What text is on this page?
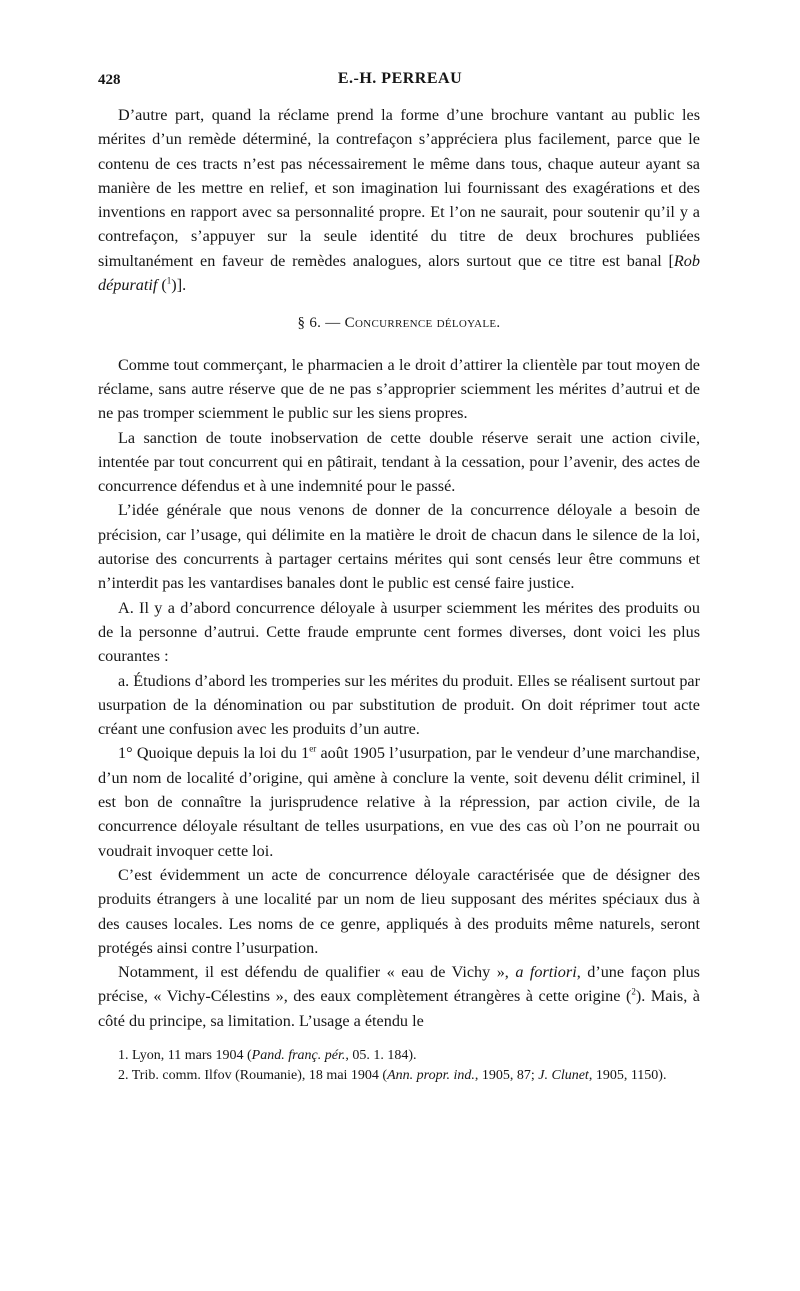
428	E.-H. PERREAU

D’autre part, quand la réclame prend la forme d’une brochure vantant au public les mérites d’un remède déterminé, la contrefaçon s’appréciera plus facilement, parce que le contenu de ces tracts n’est pas nécessairement le même dans tous, chaque auteur ayant sa manière de les mettre en relief, et son imagination lui fournissant des exagérations et des inventions en rapport avec sa personnalité propre. Et l’on ne saurait, pour soutenir qu’il y a contrefaçon, s’appuyer sur la seule identité du titre de deux brochures publiées simultanément en faveur de remèdes analogues, alors surtout que ce titre est banal [Rob dépuratif ($^1$)].

§ 6. — Concurrence déloyale.

Comme tout commerçant, le pharmacien a le droit d’attirer la clientèle par tout moyen de réclame, sans autre réserve que de ne pas s’approprier sciemment les mérites d’autrui et de ne pas tromper sciemment le public sur les siens propres.

La sanction de toute inobservation de cette double réserve serait une action civile, intentée par tout concurrent qui en pâtirait, tendant à la cessation, pour l’avenir, des actes de concurrence défendus et à une indemnité pour le passé.

L’idée générale que nous venons de donner de la concurrence déloyale a besoin de précision, car l’usage, qui délimite en la matière le droit de chacun dans le silence de la loi, autorise des concurrents à partager certains mérites qui sont censés leur être communs et n’interdit pas les vantardises banales dont le public est censé faire justice.

A. Il y a d’abord concurrence déloyale à usurper sciemment les mérites des produits ou de la personne d’autrui. Cette fraude emprunte cent formes diverses, dont voici les plus courantes :

a. Étudions d’abord les tromperies sur les mérites du produit. Elles se réalisent surtout par usurpation de la dénomination ou par substitution de produit. On doit réprimer tout acte créant une confusion avec les produits d’un autre.

1° Quoique depuis la loi du 1er août 1905 l’usurpation, par le vendeur d’une marchandise, d’un nom de localité d’origine, qui amène à conclure la vente, soit devenu délit criminel, il est bon de connaître la jurisprudence relative à la répression, par action civile, de la concurrence déloyale résultant de telles usurpations, en vue des cas où l’on ne pourrait ou voudrait invoquer cette loi.

C’est évidemment un acte de concurrence déloyale caractérisée que de désigner des produits étrangers à une localité par un nom de lieu supposant des mérites spéciaux dus à des causes locales. Les noms de ce genre, appliqués à des produits même naturels, seront protégés ainsi contre l’usurpation.

Notamment, il est défendu de qualifier « eau de Vichy », a fortiori, d’une façon plus précise, « Vichy-Célestins », des eaux complètement étrangères à cette origine ($^2$). Mais, à côté du principe, sa limitation. L’usage a étendu le

1. Lyon, 11 mars 1904 (Pand. franç. pér., 05. 1. 184).

2. Trib. comm. Ilfov (Roumanie), 18 mai 1904 (Ann. propr. ind., 1905, 87; J. Clunet, 1905, 1150).
